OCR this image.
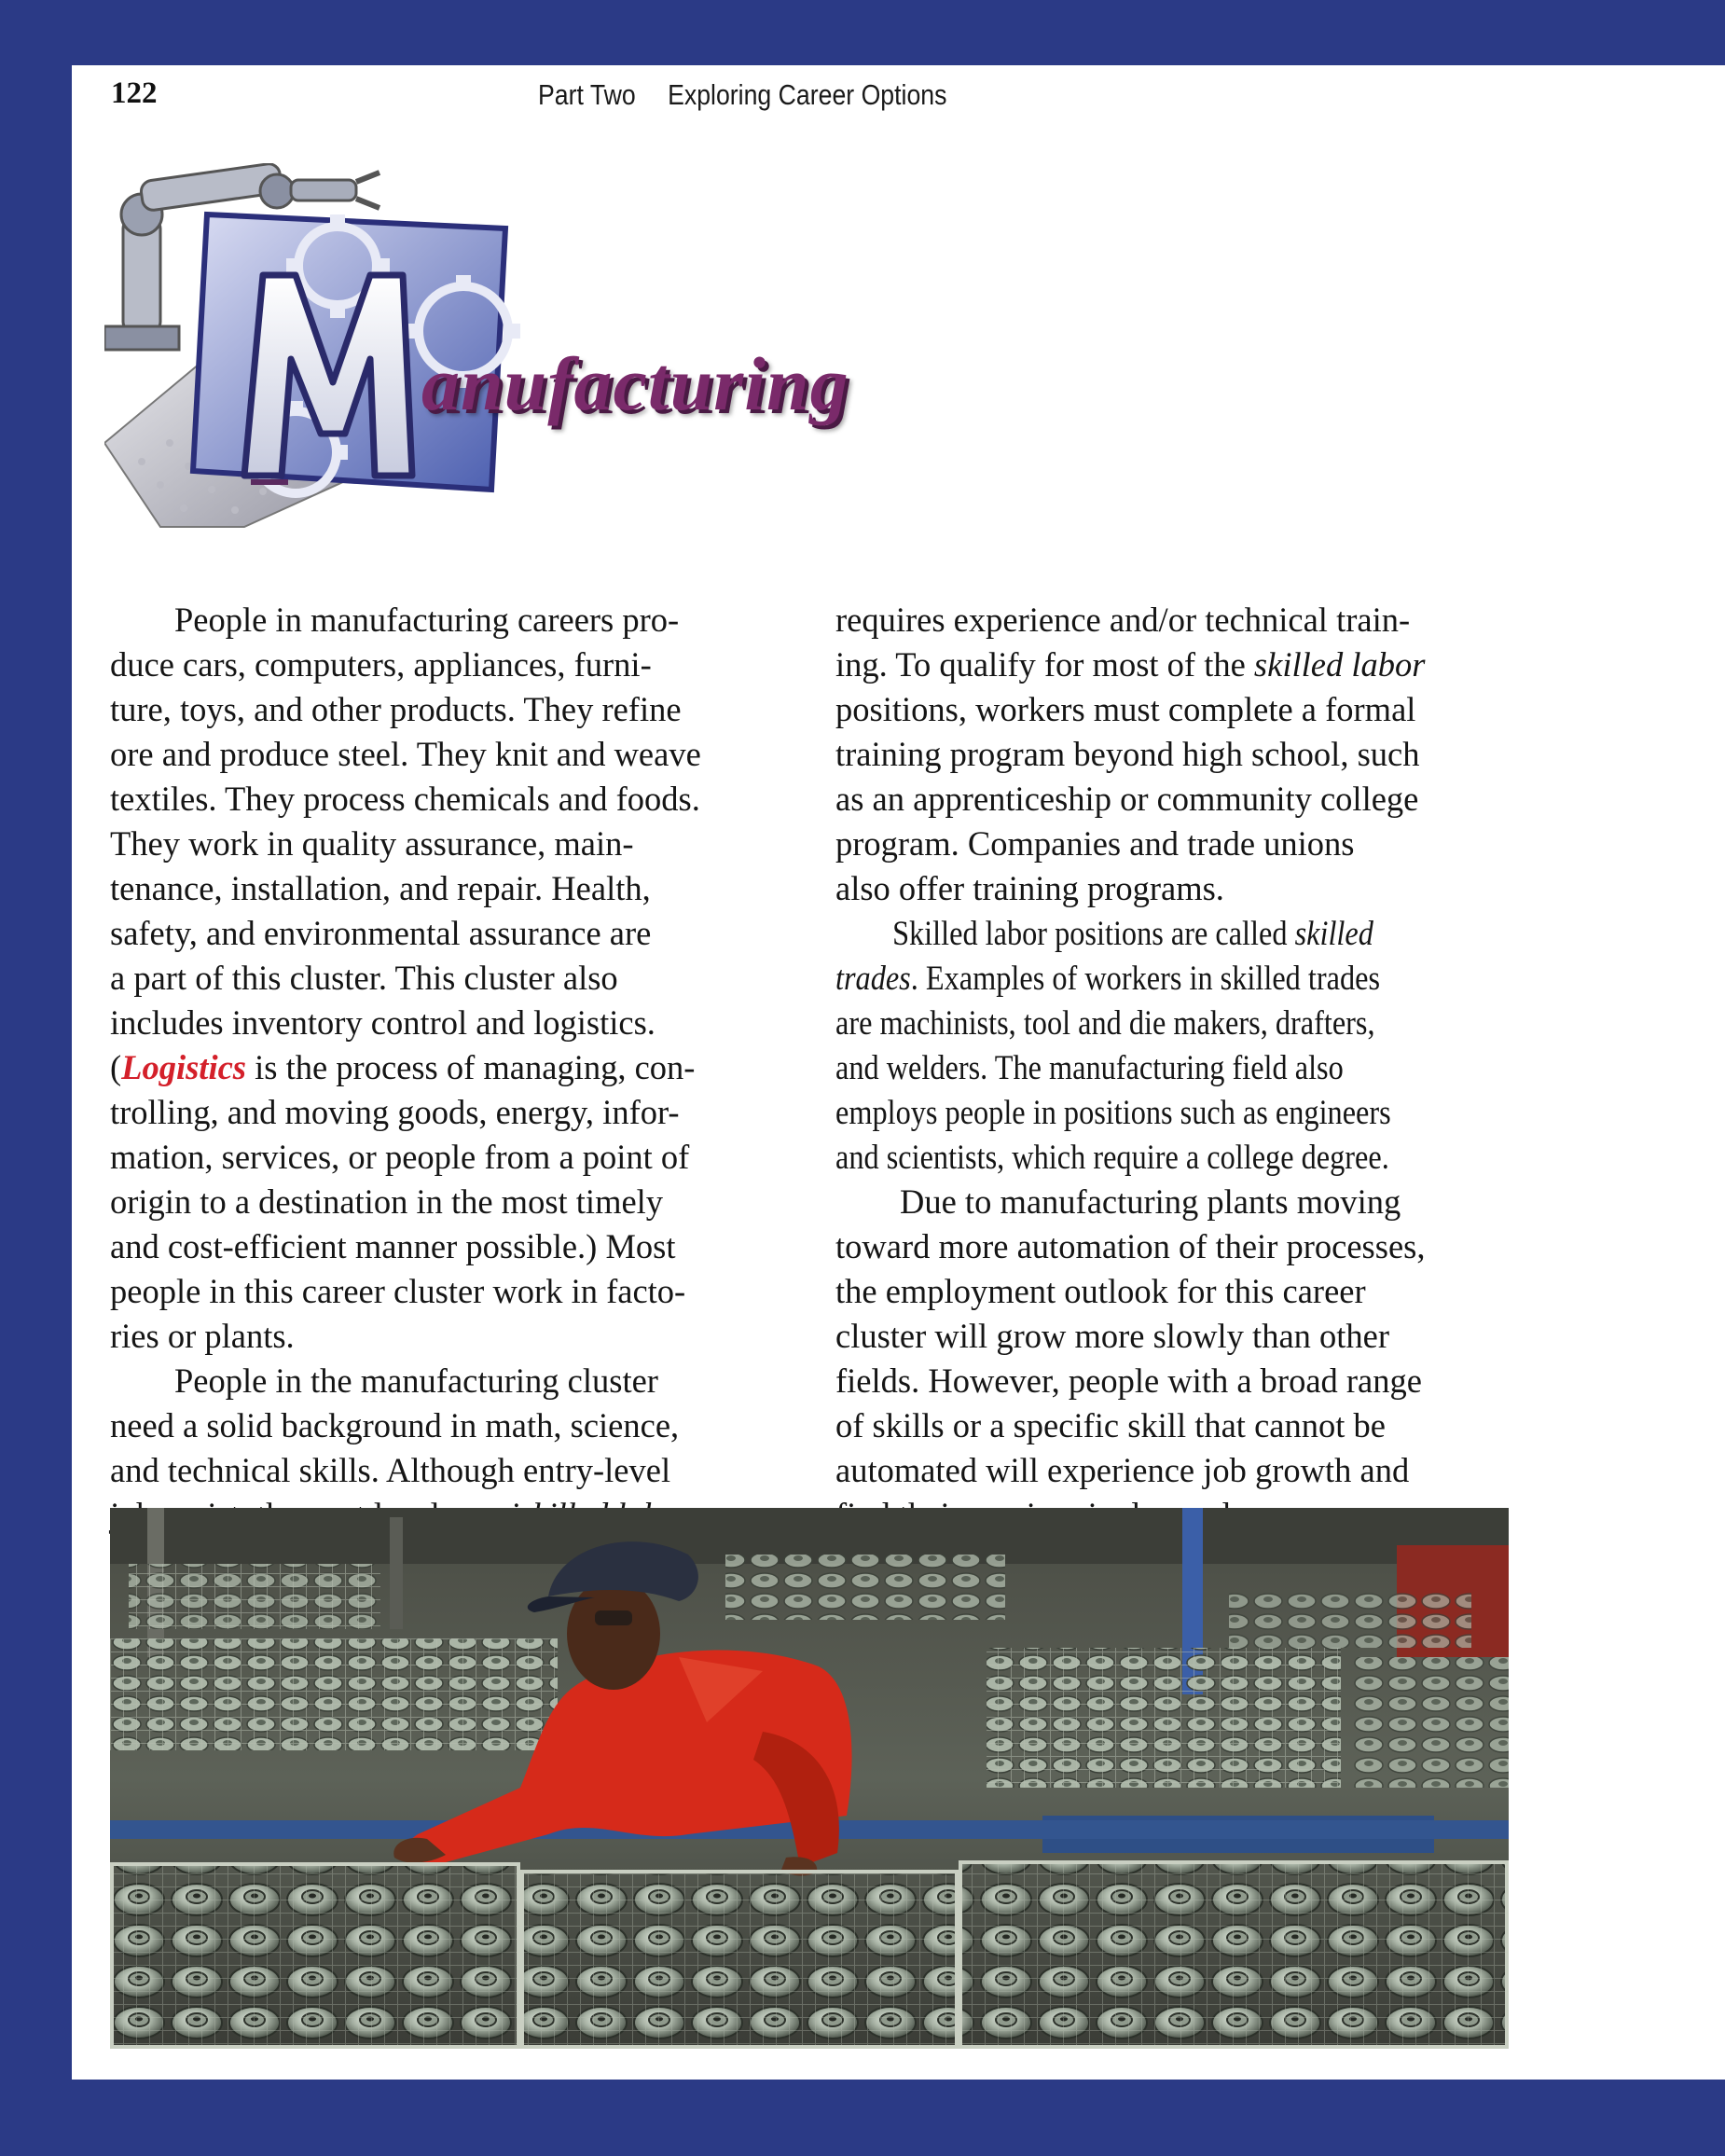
122	Part Two Exploring Career Options
anufacturing

People in manufacturing careers pro-

duce cars, computers, appliances, furni-

ture, toys, and other products. They refine

ore and produce steel. They knit and weave

textiles. They process chemicals and foods.

They work in quality assurance, main-

tenance, installation, and repair. Health,

safety, and environmental assurance are

a part of this cluster. This cluster also

includes inventory control and logistics.

(Logistics is the process of managing, con-

trolling, and moving goods, energy, infor-

mation, services, or people from a point of

origin to a destination in the most timely

and cost-efficient manner possible.) Most

people in this career cluster work in facto-

ries or plants.

People in the manufacturing cluster

need a solid background in math, science,

and technical skills. Although entry-level

requires experience and/or technical train-

ing. To qualify for most of the skilled labor

positions, workers must complete a formal

training program beyond high school, such

as an apprenticeship or community college

program. Companies and trade unions

also offer training programs.

Skilled labor positions are called skilled

trades. Examples of workers in skilled trades

are machinists, tool and die makers, drafters,

and welders. The manufacturing field also

employs people in positions such as engineers

and scientists, which require a college degree.

Due to manufacturing plants moving

toward more automation of their processes,

the employment outlook for this career

cluster will grow more slowly than other

fields. However, people with a broad range

of skills or a specific skill that cannot be

automated will experience job growth and
